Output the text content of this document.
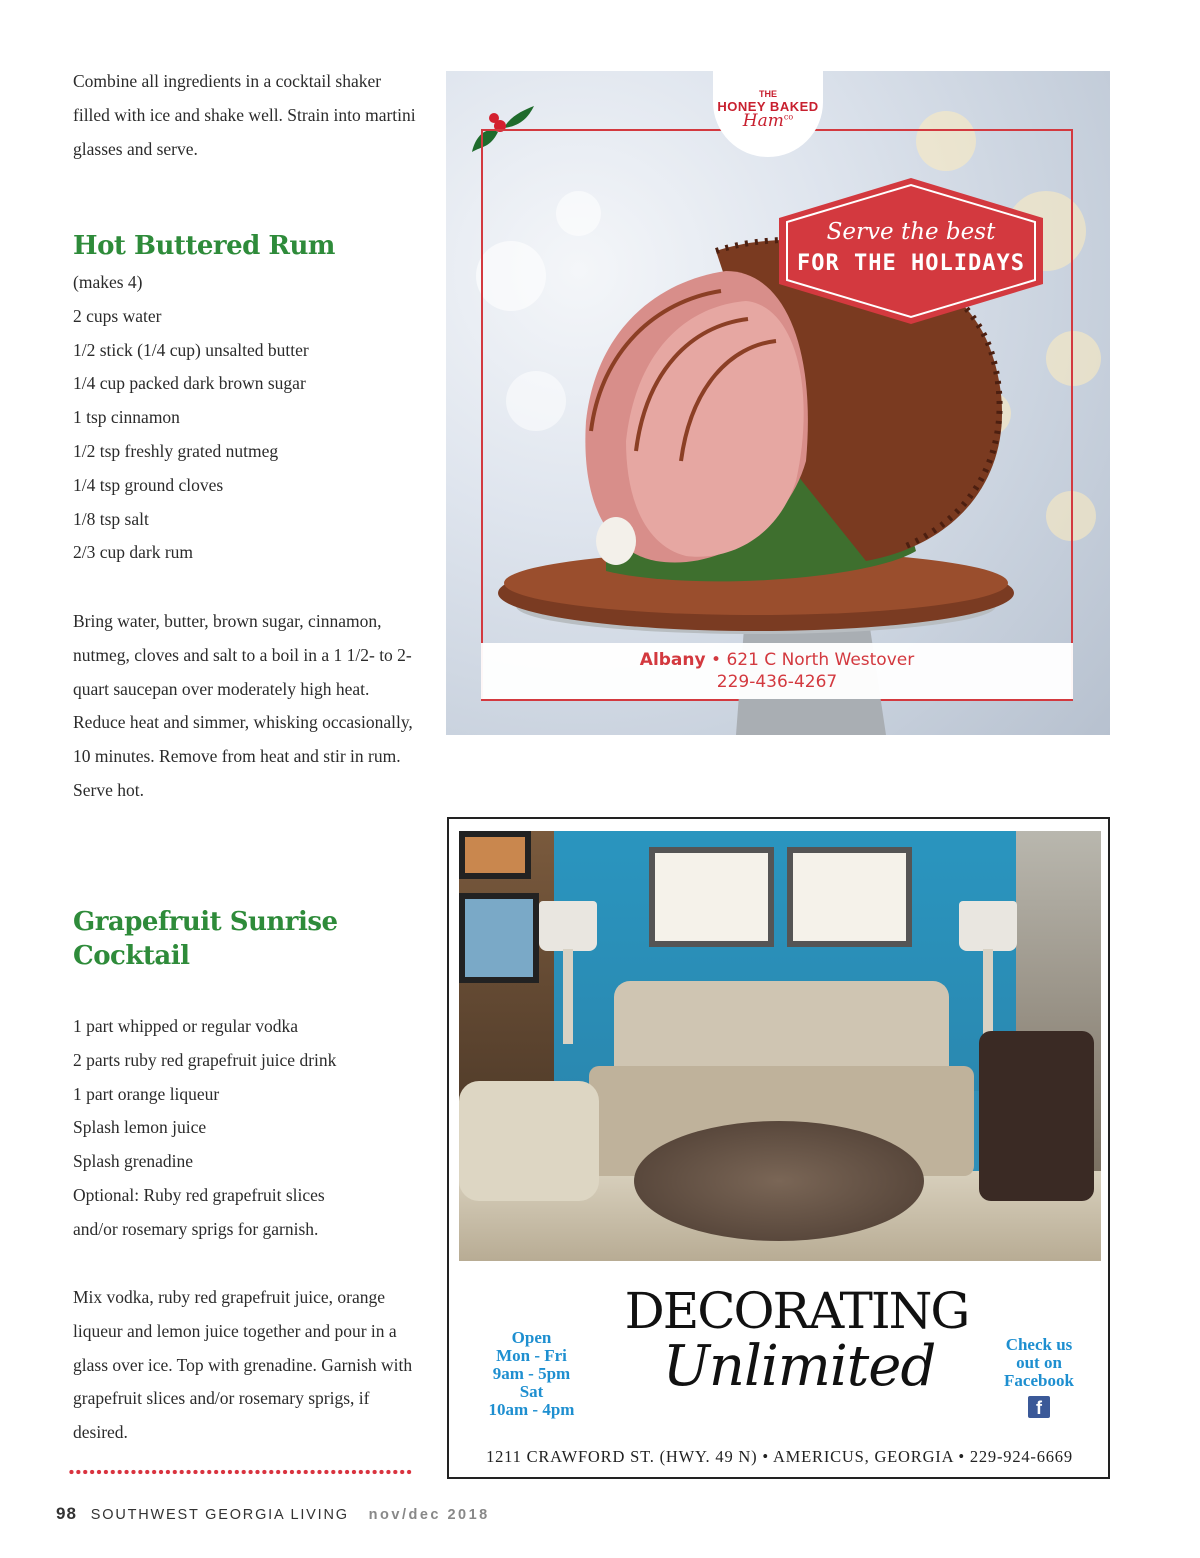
Combine all ingredients in a cocktail shaker filled with ice and shake well. Strain into martini glasses and serve.

Hot Buttered Rum
(makes 4)
2 cups water
1/2 stick (1/4 cup) unsalted butter
1/4 cup packed dark brown sugar
1 tsp cinnamon
1/2 tsp freshly grated nutmeg
1/4 tsp ground cloves
1/8 tsp salt
2/3 cup dark rum

Bring water, butter, brown sugar, cinnamon, nutmeg, cloves and salt to a boil in a 1 1/2- to 2-quart saucepan over moderately high heat. Reduce heat and simmer, whisking occasionally, 10 minutes. Remove from heat and stir in rum. Serve hot.

Grapefruit Sunrise
Cocktail
1 part whipped or regular vodka
2 parts ruby red grapefruit juice drink
1 part orange liqueur
Splash lemon juice
Splash grenadine
Optional: Ruby red grapefruit slices
and/or rosemary sprigs for garnish.

Mix vodka, ruby red grapefruit juice, orange liqueur and lemon juice together and pour in a glass over ice. Top with grenadine. Garnish with grapefruit slices and/or rosemary sprigs, if desired.

98 SOUTHWEST GEORGIA LIVING nov/dec 2018
THE
HONEY BAKED
Ham$^{co}$
Serve the best
FOR THE HOLIDAYS
Albany • 621 C North Westover
229-436-4267
Open
Mon - Fri
9am - 5pm
Sat
10am - 4pm
DECORATING
Unlimited	Check us
out on
Facebook
f
1211 CRAWFORD ST. (HWY. 49 N) • AMERICUS, GEORGIA • 229-924-6669
